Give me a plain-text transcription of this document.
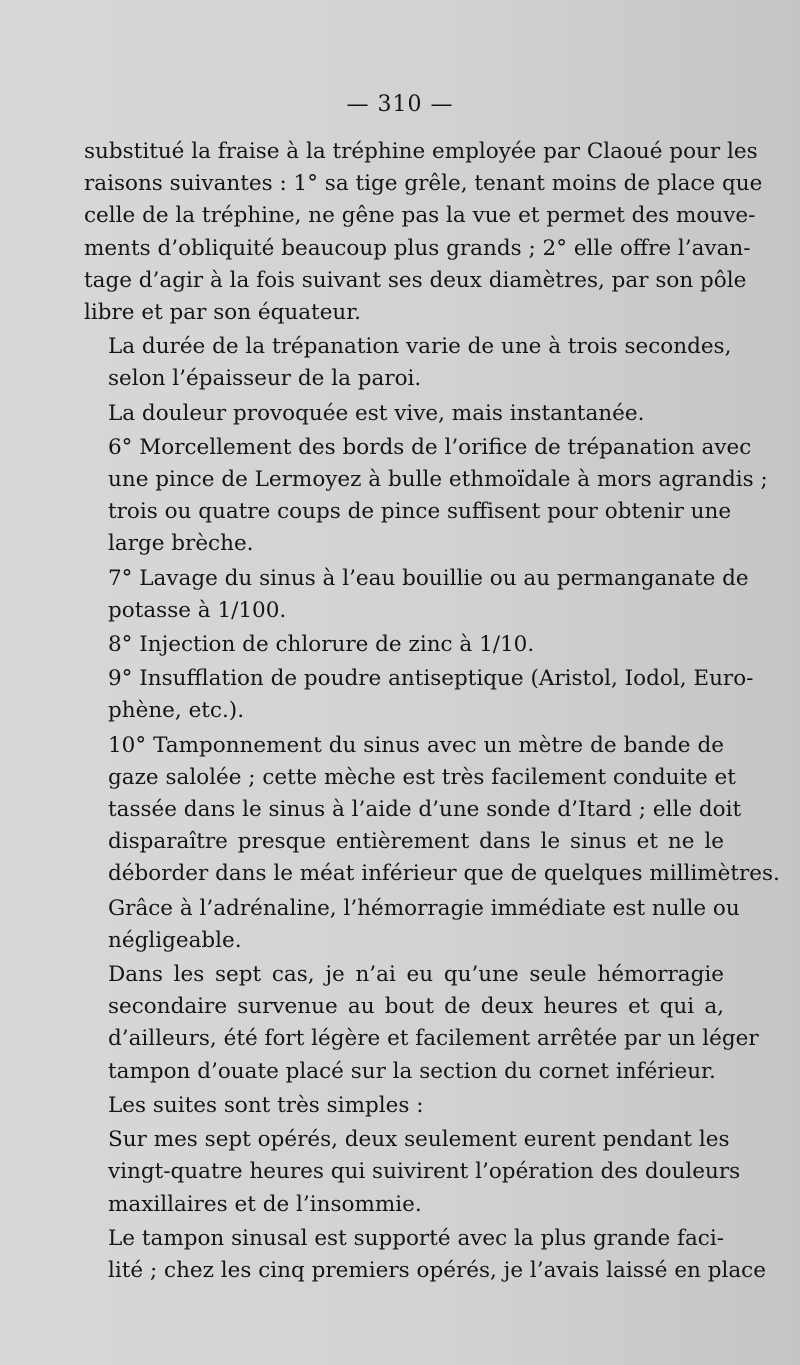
— 310 —

substitué la fraise à la tréphine employée par Claoué pour les
raisons suivantes : 1° sa tige grêle, tenant moins de place que
celle de la tréphine, ne gêne pas la vue et permet des mouve-
ments d’obliquité beaucoup plus grands ; 2° elle offre l’avan-
tage d’agir à la fois suivant ses deux diamètres, par son pôle
libre et par son équateur.

La durée de la trépanation varie de une à trois secondes,
selon l’épaisseur de la paroi.

La douleur provoquée est vive, mais instantanée.

6° Morcellement des bords de l’orifice de trépanation avec
une pince de Lermoyez à bulle ethmoïdale à mors agrandis ;
trois ou quatre coups de pince suffisent pour obtenir une
large brèche.

7° Lavage du sinus à l’eau bouillie ou au permanganate de
potasse à 1/100.

8° Injection de chlorure de zinc à 1/10.

9° Insufflation de poudre antiseptique (Aristol, Iodol, Euro-
phène, etc.).

10° Tamponnement du sinus avec un mètre de bande de
gaze salolée ; cette mèche est très facilement conduite et
tassée dans le sinus à l’aide d’une sonde d’Itard ; elle doit
disparaître presque entièrement dans le sinus et ne le
déborder dans le méat inférieur que de quelques millimètres.

Grâce à l’adrénaline, l’hémorragie immédiate est nulle ou
négligeable.

Dans les sept cas, je n’ai eu qu’une seule hémorragie
secondaire survenue au bout de deux heures et qui a,
d’ailleurs, été fort légère et facilement arrêtée par un léger
tampon d’ouate placé sur la section du cornet inférieur.

Les suites sont très simples :

Sur mes sept opérés, deux seulement eurent pendant les
vingt-quatre heures qui suivirent l’opération des douleurs
maxillaires et de l’insommie.

Le tampon sinusal est supporté avec la plus grande faci-
lité ; chez les cinq premiers opérés, je l’avais laissé en place
